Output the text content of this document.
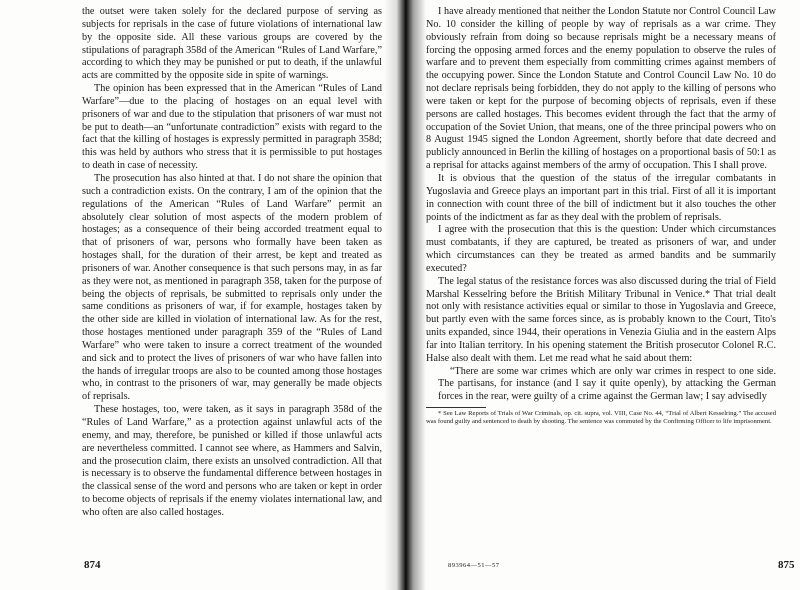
the outset were taken solely for the declared purpose of serving as subjects for reprisals in the case of future violations of international law by the opposite side. All these various groups are covered by the stipulations of paragraph 358d of the American “Rules of Land Warfare,” according to which they may be punished or put to death, if the unlawful acts are committed by the opposite side in spite of warnings.

The opinion has been expressed that in the American “Rules of Land Warfare”—due to the placing of hostages on an equal level with prisoners of war and due to the stipulation that prisoners of war must not be put to death—an “unfortunate contradiction” exists with regard to the fact that the killing of hostages is expressly permitted in paragraph 358d; this was held by authors who stress that it is permissible to put hostages to death in case of necessity.

The prosecution has also hinted at that. I do not share the opinion that such a contradiction exists. On the contrary, I am of the opinion that the regulations of the American “Rules of Land Warfare” permit an absolutely clear solution of most aspects of the modern problem of hostages; as a consequence of their being accorded treatment equal to that of prisoners of war, persons who formally have been taken as hostages shall, for the duration of their arrest, be kept and treated as prisoners of war. Another consequence is that such persons may, in as far as they were not, as mentioned in paragraph 358, taken for the purpose of being the objects of reprisals, be submitted to reprisals only under the same conditions as prisoners of war, if for example, hostages taken by the other side are killed in violation of international law. As for the rest, those hostages mentioned under paragraph 359 of the “Rules of Land Warfare” who were taken to insure a correct treatment of the wounded and sick and to protect the lives of prisoners of war who have fallen into the hands of irregular troops are also to be counted among those hostages who, in contrast to the prisoners of war, may generally be made objects of reprisals.

These hostages, too, were taken, as it says in paragraph 358d of the “Rules of Land Warfare,” as a protection against unlawful acts of the enemy, and may, therefore, be punished or killed if those unlawful acts are nevertheless committed. I cannot see where, as Hammers and Salvin, and the prosecution claim, there exists an unsolved contradiction. All that is necessary is to observe the fundamental difference between hostages in the classical sense of the word and persons who are taken or kept in order to become objects of reprisals if the enemy violates international law, and who often are also called hostages.

874

I have already mentioned that neither the London Statute nor Control Council Law No. 10 consider the killing of people by way of reprisals as a war crime. They obviously refrain from doing so because reprisals might be a necessary means of forcing the opposing armed forces and the enemy population to observe the rules of warfare and to prevent them especially from committing crimes against members of the occupying power. Since the London Statute and Control Council Law No. 10 do not declare reprisals being forbidden, they do not apply to the killing of persons who were taken or kept for the purpose of becoming objects of reprisals, even if these persons are called hostages. This becomes evident through the fact that the army of occupation of the Soviet Union, that means, one of the three principal powers who on 8 August 1945 signed the London Agreement, shortly before that date decreed and publicly announced in Berlin the killing of hostages on a proportional basis of 50:1 as a reprisal for attacks against members of the army of occupation. This I shall prove.

It is obvious that the question of the status of the irregular combatants in Yugoslavia and Greece plays an important part in this trial. First of all it is important in connection with count three of the bill of indictment but it also touches the other points of the indictment as far as they deal with the problem of reprisals.

I agree with the prosecution that this is the question: Under which circumstances must combatants, if they are captured, be treated as prisoners of war, and under which circumstances can they be treated as armed bandits and be summarily executed?

The legal status of the resistance forces was also discussed during the trial of Field Marshal Kesselring before the British Military Tribunal in Venice.* That trial dealt not only with resistance activities equal or similar to those in Yugoslavia and Greece, but partly even with the same forces since, as is probably known to the Court, Tito's units expanded, since 1944, their operations in Venezia Giulia and in the eastern Alps far into Italian territory. In his opening statement the British prosecutor Colonel R.C. Halse also dealt with them. Let me read what he said about them:

“There are some war crimes which are only war crimes in respect to one side. The partisans, for instance (and I say it quite openly), by attacking the German forces in the rear, were guilty of a crime against the German law; I say advisedly

* See Law Reports of Trials of War Criminals, op. cit. supra, vol. VIII, Case No. 44, “Trial of Albert Kesselring.” The accused was found guilty and sentenced to death by shooting. The sentence was commuted by the Confirming Officer to life imprisonment.

893964—51—57	875
